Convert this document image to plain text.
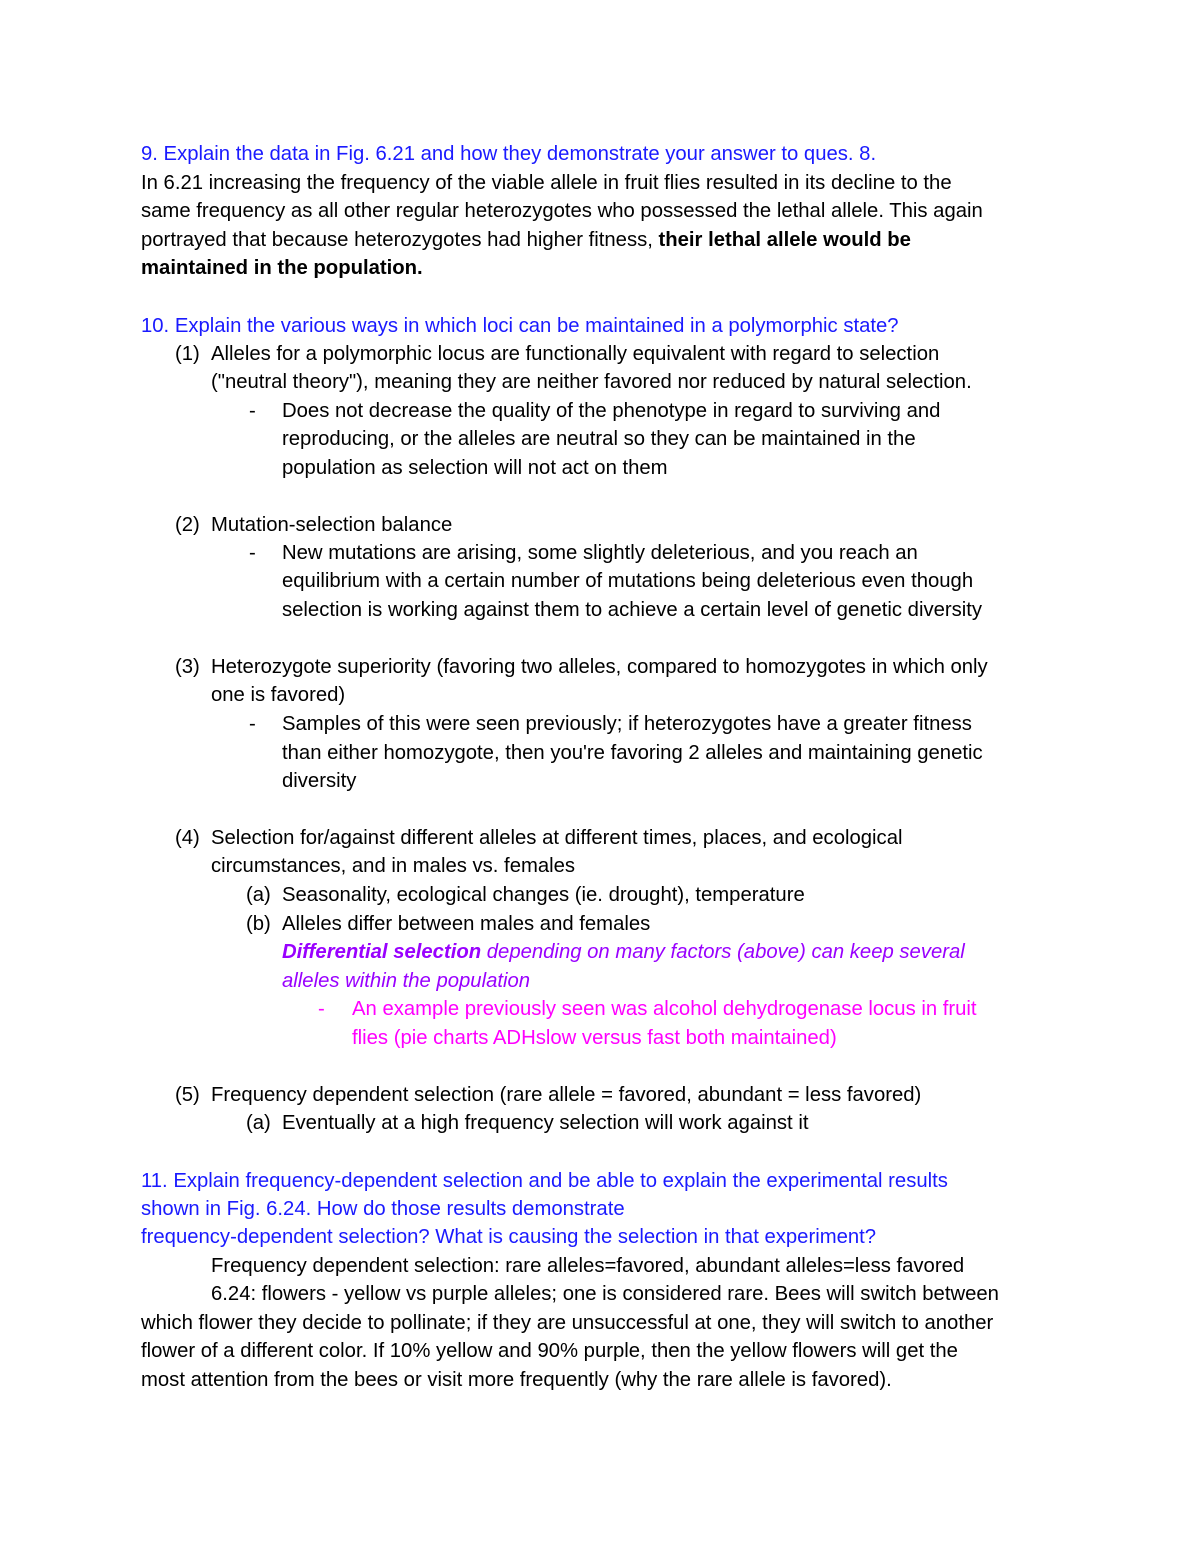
9. Explain the data in Fig. 6.21 and how they demonstrate your answer to ques. 8.
In 6.21 increasing the frequency of the viable allele in fruit flies resulted in its decline to the
same frequency as all other regular heterozygotes who possessed the lethal allele. This again
portrayed that because heterozygotes had higher fitness, their lethal allele would be
maintained in the population.
10. Explain the various ways in which loci can be maintained in a polymorphic state?
(1) Alleles for a polymorphic locus are functionally equivalent with regard to selection
("neutral theory"), meaning they are neither favored nor reduced by natural selection.
- Does not decrease the quality of the phenotype in regard to surviving and
reproducing, or the alleles are neutral so they can be maintained in the
population as selection will not act on them
(2) Mutation-selection balance
- New mutations are arising, some slightly deleterious, and you reach an
equilibrium with a certain number of mutations being deleterious even though
selection is working against them to achieve a certain level of genetic diversity
(3) Heterozygote superiority (favoring two alleles, compared to homozygotes in which only
one is favored)
- Samples of this were seen previously; if heterozygotes have a greater fitness
than either homozygote, then you're favoring 2 alleles and maintaining genetic
diversity
(4) Selection for/against different alleles at different times, places, and ecological
circumstances, and in males vs. females
(a) Seasonality, ecological changes (ie. drought), temperature
(b) Alleles differ between males and females
Differential selection depending on many factors (above) can keep several
alleles within the population
- An example previously seen was alcohol dehydrogenase locus in fruit
flies (pie charts ADHslow versus fast both maintained)
(5) Frequency dependent selection (rare allele = favored, abundant = less favored)
(a) Eventually at a high frequency selection will work against it
11. Explain frequency-dependent selection and be able to explain the experimental results
shown in Fig. 6.24. How do those results demonstrate
frequency-dependent selection? What is causing the selection in that experiment?
Frequency dependent selection: rare alleles=favored, abundant alleles=less favored
6.24: flowers - yellow vs purple alleles; one is considered rare. Bees will switch between
which flower they decide to pollinate; if they are unsuccessful at one, they will switch to another
flower of a different color. If 10% yellow and 90% purple, then the yellow flowers will get the
most attention from the bees or visit more frequently (why the rare allele is favored).
